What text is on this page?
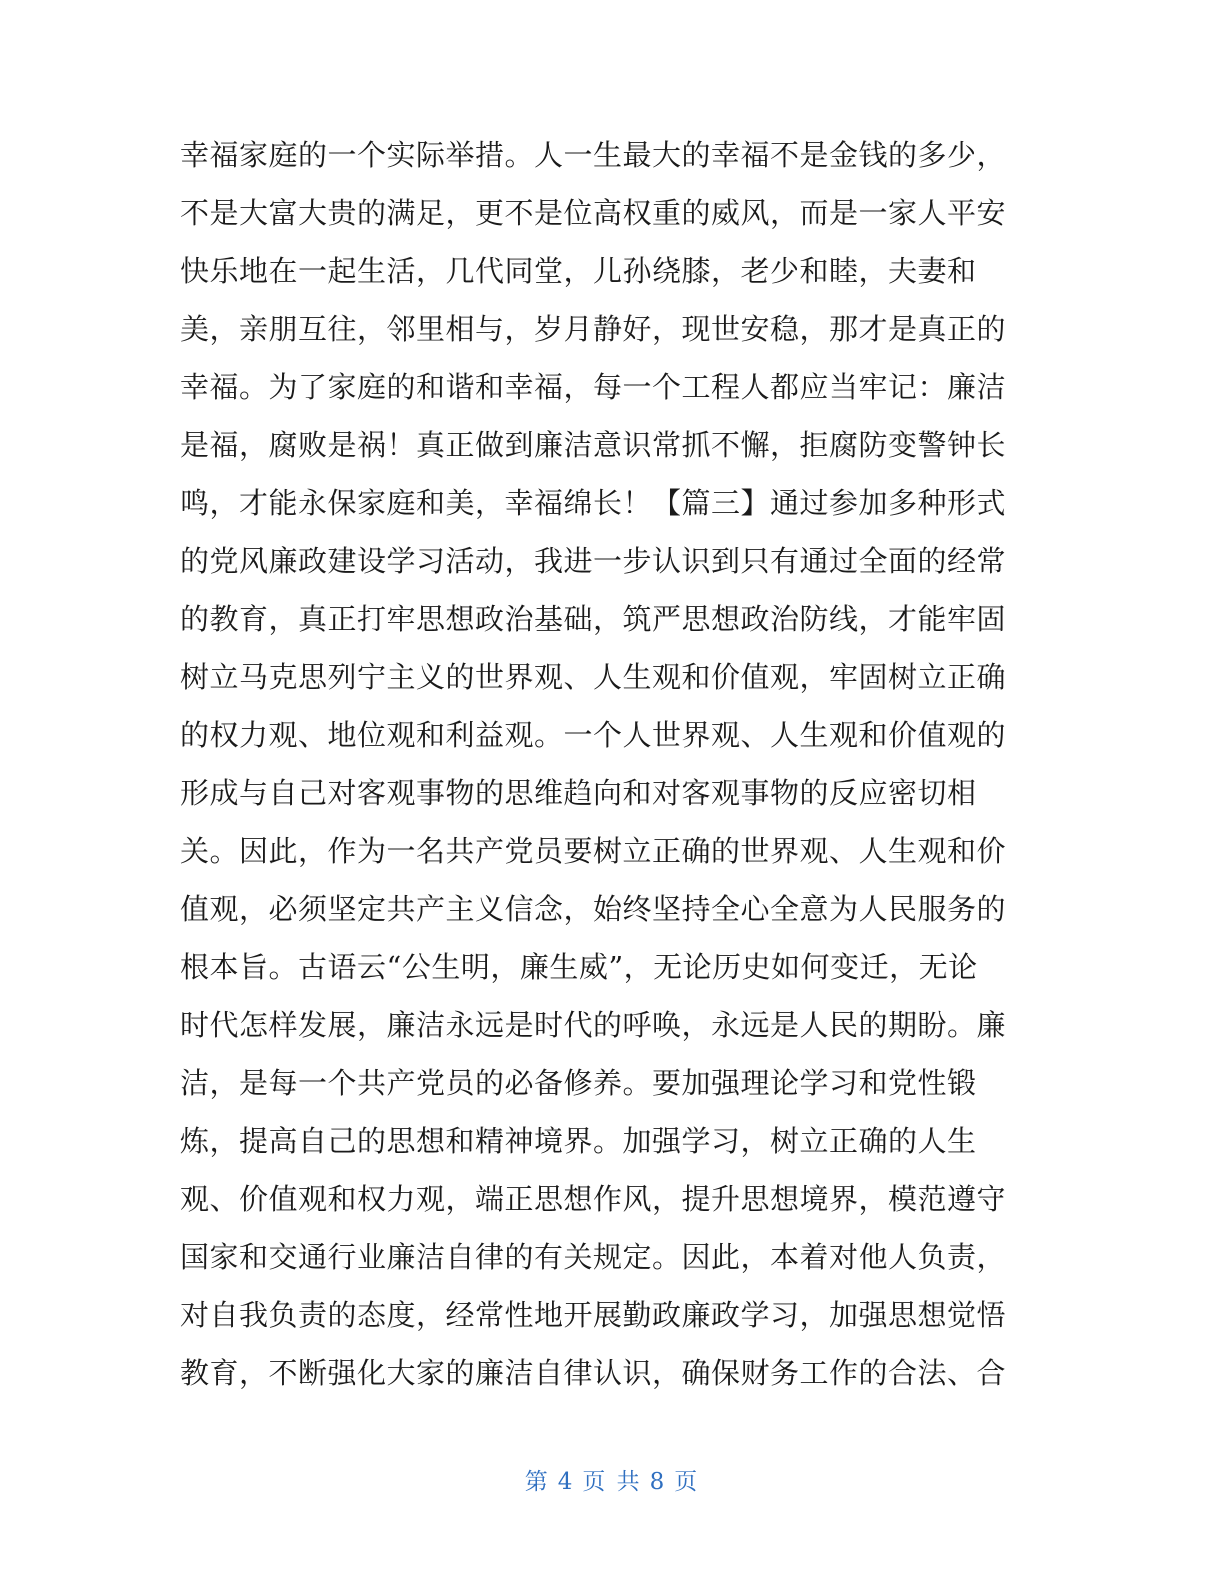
幸福家庭的一个实际举措。人一生最大的幸福不是金钱的多少，
不是大富大贵的满足，更不是位高权重的威风，而是一家人平安
快乐地在一起生活，几代同堂，儿孙绕膝，老少和睦，夫妻和
美，亲朋互往，邻里相与，岁月静好，现世安稳，那才是真正的
幸福。为了家庭的和谐和幸福，每一个工程人都应当牢记：廉洁
是福，腐败是祸！真正做到廉洁意识常抓不懈，拒腐防变警钟长
鸣，才能永保家庭和美，幸福绵长！【篇三】通过参加多种形式
的党风廉政建设学习活动，我进一步认识到只有通过全面的经常
的教育，真正打牢思想政治基础，筑严思想政治防线，才能牢固
树立马克思列宁主义的世界观、人生观和价值观，牢固树立正确
的权力观、地位观和利益观。一个人世界观、人生观和价值观的
形成与自己对客观事物的思维趋向和对客观事物的反应密切相
关。因此，作为一名共产党员要树立正确的世界观、人生观和价
值观，必须坚定共产主义信念，始终坚持全心全意为人民服务的
根本旨。古语云“公生明，廉生威”，无论历史如何变迁，无论
时代怎样发展，廉洁永远是时代的呼唤，永远是人民的期盼。廉
洁，是每一个共产党员的必备修养。要加强理论学习和党性锻
炼，提高自己的思想和精神境界。加强学习，树立正确的人生
观、价值观和权力观，端正思想作风，提升思想境界，模范遵守
国家和交通行业廉洁自律的有关规定。因此，本着对他人负责，
对自我负责的态度，经常性地开展勤政廉政学习，加强思想觉悟
教育，不断强化大家的廉洁自律认识，确保财务工作的合法、合
第 4 页 共 8 页
